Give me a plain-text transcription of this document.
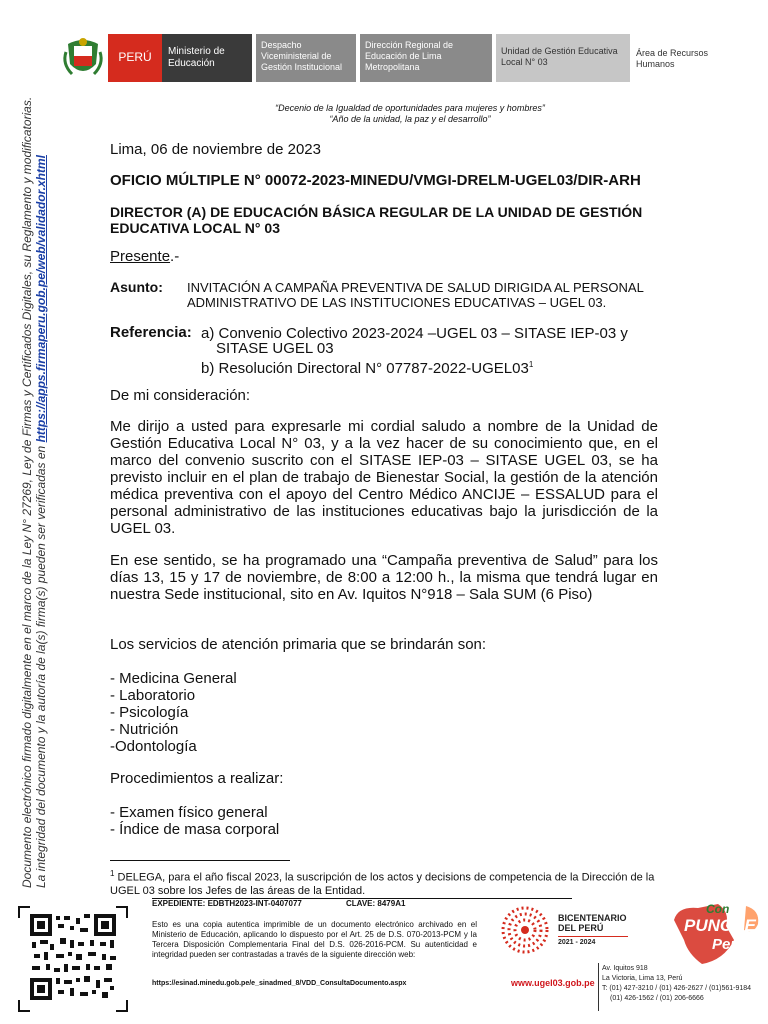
PERÚ	Ministerio de Educación
Despacho Viceministerial de Gestión Institucional
Dirección Regional de Educación de Lima Metropolitana
Unidad de Gestión Educativa Local N° 03
Área de Recursos Humanos
Documento electrónico firmado digitalmente en el marco de la Ley N° 27269, Ley de Firmas y Certificados Digitales, su Reglamento y modificatorias. La integridad del documento y la autoría de la(s) firma(s) pueden ser verificadas en https://apps.firmaperu.gob.pe/web/validador.xhtml
“Decenio de la Igualdad de oportunidades para mujeres y hombres”
“Año de la unidad, la paz y el desarrollo”
Lima, 06 de noviembre de 2023
OFICIO MÚLTIPLE N° 00072-2023-MINEDU/VMGI-DRELM-UGEL03/DIR-ARH
DIRECTOR (A) DE EDUCACIÓN BÁSICA REGULAR DE LA UNIDAD DE GESTIÓN EDUCATIVA LOCAL N° 03
Presente.-
Asunto: INVITACIÓN A CAMPAÑA PREVENTIVA DE SALUD DIRIGIDA AL PERSONAL
ADMINISTRATIVO DE LAS INSTITUCIONES EDUCATIVAS – UGEL 03.
Referencia: a) Convenio Colectivo 2023-2024 –UGEL 03 – SITASE IEP-03 y
SITASE UGEL 03
b) Resolución Directoral N° $07787-2022-UGEL03^1$
De mi consideración:
Me dirijo a usted para expresarle mi cordial saludo a nombre de la Unidad de Gestión Educativa Local N° 03, y a la vez hacer de su conocimiento que, en el marco del convenio suscrito con el SITASE IEP-03 – SITASE UGEL 03, se ha previsto incluir en el plan de trabajo de Bienestar Social, la gestión de la atención médica preventiva con el apoyo del Centro Médico ANCIJE – ESSALUD para el personal administrativo de las instituciones educativas bajo la jurisdicción de la UGEL 03.
En ese sentido, se ha programado una “Campaña preventiva de Salud” para los días 13, 15 y 17 de noviembre, de 8:00 a 12:00 h., la misma que tendrá lugar en nuestra Sede institucional, sito en Av. Iquitos N°918 – Sala SUM (6 Piso)
Los servicios de atención primaria que se brindarán son:
- Medicina General
- Laboratorio
- Psicología
- Nutrición
-Odontología
Procedimientos a realizar:
- Examen físico general
- Índice de masa corporal
$^1$ DELEGA, para el año fiscal 2023, la suscripción de los actos y decisions de competencia de la Dirección de la UGEL 03 sobre los Jefes de las áreas de la Entidad.
EXPEDIENTE: EDBTH2023-INT-0407077	CLAVE: 8479A1
Esto es una copia autentica imprimible de un documento electrónico archivado en el Ministerio de Educación, aplicando lo dispuesto por el Art. 25 de D.S. 070-2013-PCM y la Tercera Disposición Complementaria Final del D.S. 026-2016-PCM. Su autenticidad e integridad pueden ser contrastadas a través de la siguiente dirección web:
https://esinad.minedu.gob.pe/e_sinadmed_8/VDD_ConsultaDocumento.aspx
BICENTENARIO
DEL PERÚ
2021 - 2024
Con
PUNCHE
Perú
www.ugel03.gob.pe
Av. Iquitos 918
La Victoria, Lima 13, Perú
T: (01) 427-3210 / (01) 426-2627 / (01)561-9184
(01) 426-1562 / (01) 206-6666
